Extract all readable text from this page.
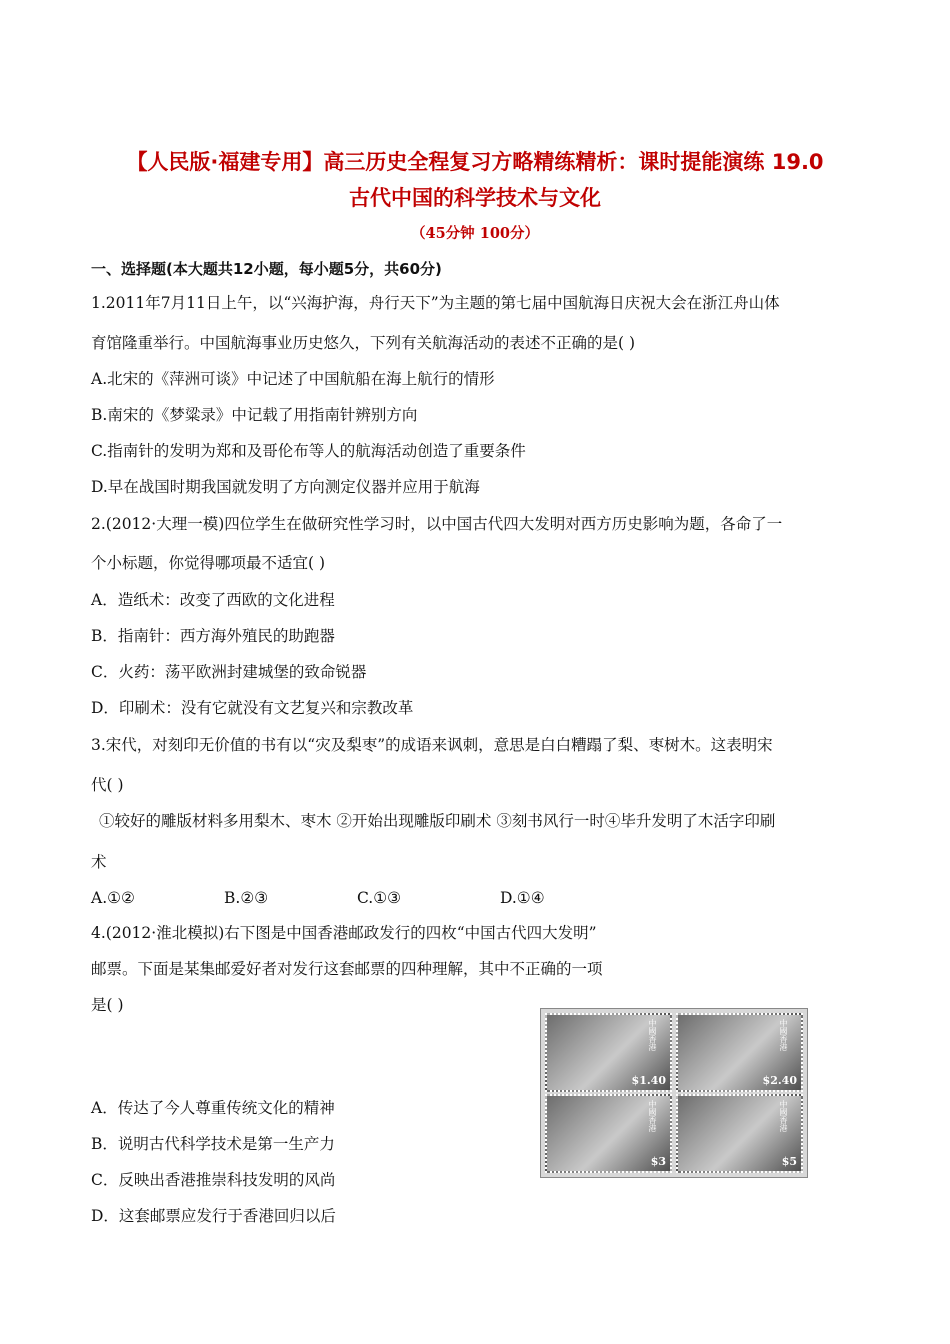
【人民版·福建专用】高三历史全程复习方略精练精析：课时提能演练 19.0
古代中国的科学技术与文化
（45分钟 100分）
一、选择题(本大题共12小题，每小题5分，共60分)
1.2011年7月11日上午，以“兴海护海，舟行天下”为主题的第七届中国航海日庆祝大会在浙江舟山体
育馆隆重举行。中国航海事业历史悠久，下列有关航海活动的表述不正确的是( )
A.北宋的《萍洲可谈》中记述了中国航船在海上航行的情形
B.南宋的《梦粱录》中记载了用指南针辨别方向
C.指南针的发明为郑和及哥伦布等人的航海活动创造了重要条件
D.早在战国时期我国就发明了方向测定仪器并应用于航海
2.(2012·大理一模)四位学生在做研究性学习时，以中国古代四大发明对西方历史影响为题，各命了一
个小标题，你觉得哪项最不适宜( )
A．造纸术：改变了西欧的文化进程
B．指南针：西方海外殖民的助跑器
C．火药：荡平欧洲封建城堡的致命锐器
D．印刷术：没有它就没有文艺复兴和宗教改革
3.宋代，对刻印无价值的书有以“灾及梨枣”的成语来讽刺，意思是白白糟蹋了梨、枣树木。这表明宋
代( )
①较好的雕版材料多用梨木、枣木 ②开始出现雕版印刷术 ③刻书风行一时④毕升发明了木活字印刷
术
A.①②	B.②③	C.①③	D.①④
4.(2012·淮北模拟)右下图是中国香港邮政发行的四枚“中国古代四大发明”
邮票。下面是某集邮爱好者对发行这套邮票的四种理解，其中不正确的一项
是( )
A．传达了今人尊重传统文化的精神
B．说明古代科学技术是第一生产力
C．反映出香港推崇科技发明的风尚
D．这套邮票应发行于香港回归以后
中國香港
$1.40
中國香港
$2.40
中國香港
$3
中國香港
$5
